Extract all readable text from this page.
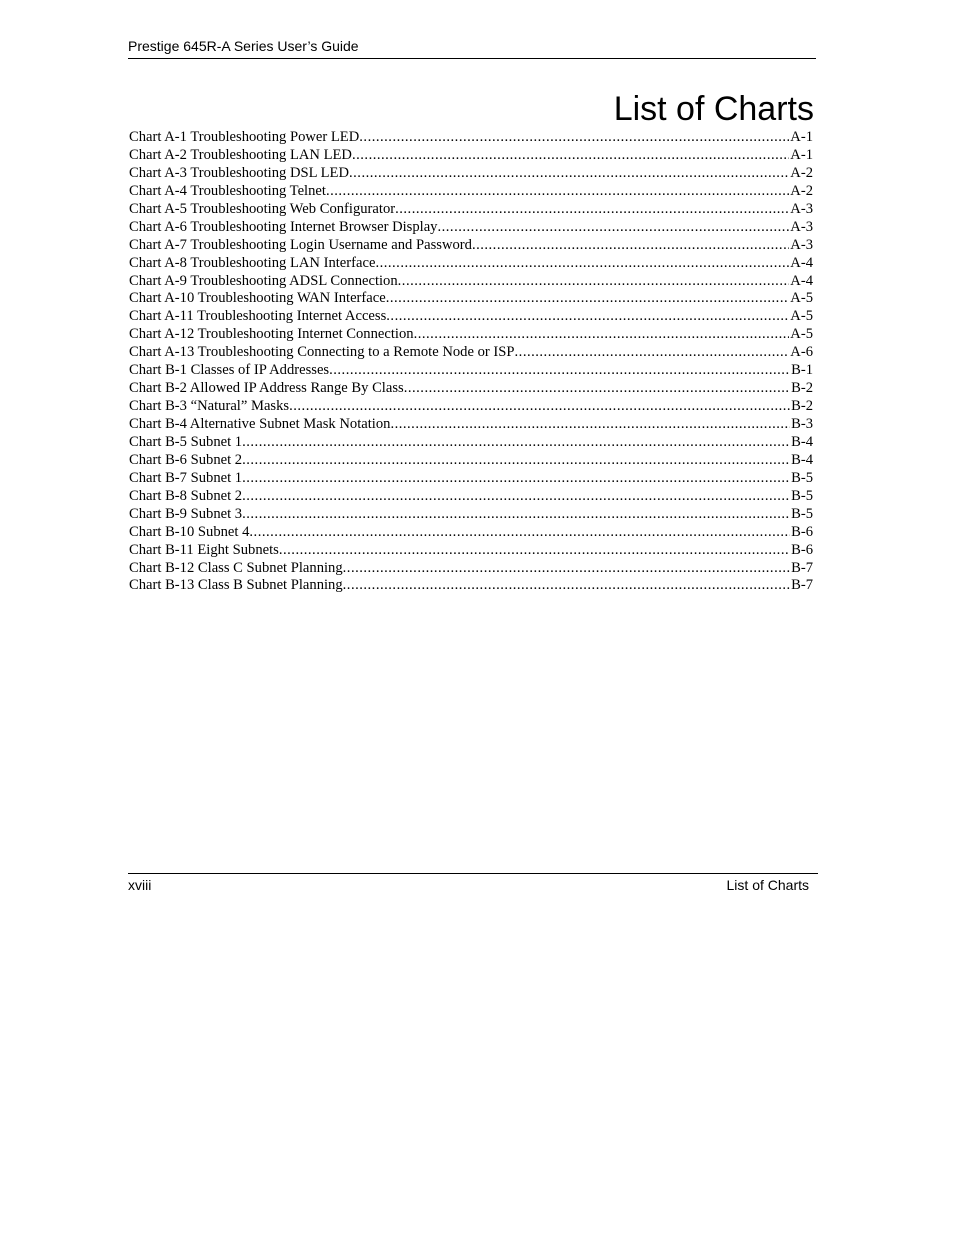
Prestige 645R-A Series User’s Guide
List of Charts
Chart A-1 Troubleshooting Power LED .....	A-1
Chart A-2 Troubleshooting LAN LED .....	A-1
Chart A-3 Troubleshooting DSL LED .....	A-2
Chart A-4 Troubleshooting Telnet .....	A-2
Chart A-5 Troubleshooting Web Configurator .....	A-3
Chart A-6 Troubleshooting Internet Browser Display .....	A-3
Chart A-7 Troubleshooting Login Username and Password .....	A-3
Chart A-8 Troubleshooting LAN Interface .....	A-4
Chart A-9 Troubleshooting ADSL Connection .....	A-4
Chart A-10 Troubleshooting WAN Interface .....	A-5
Chart A-11 Troubleshooting Internet Access .....	A-5
Chart A-12 Troubleshooting Internet Connection .....	A-5
Chart A-13 Troubleshooting Connecting to a Remote Node or ISP .....	A-6
Chart B-1 Classes of IP Addresses .....	B-1
Chart B-2 Allowed IP Address Range By Class .....	B-2
Chart B-3 “Natural” Masks .....	B-2
Chart B-4 Alternative Subnet Mask Notation .....	B-3
Chart B-5 Subnet 1 .....	B-4
Chart B-6 Subnet 2 .....	B-4
Chart B-7 Subnet 1 .....	B-5
Chart B-8 Subnet 2 .....	B-5
Chart B-9 Subnet 3 .....	B-5
Chart B-10 Subnet 4 .....	B-6
Chart B-11 Eight Subnets .....	B-6
Chart B-12 Class C Subnet Planning .....	B-7
Chart B-13 Class B Subnet Planning .....	B-7
xviii	List of Charts
